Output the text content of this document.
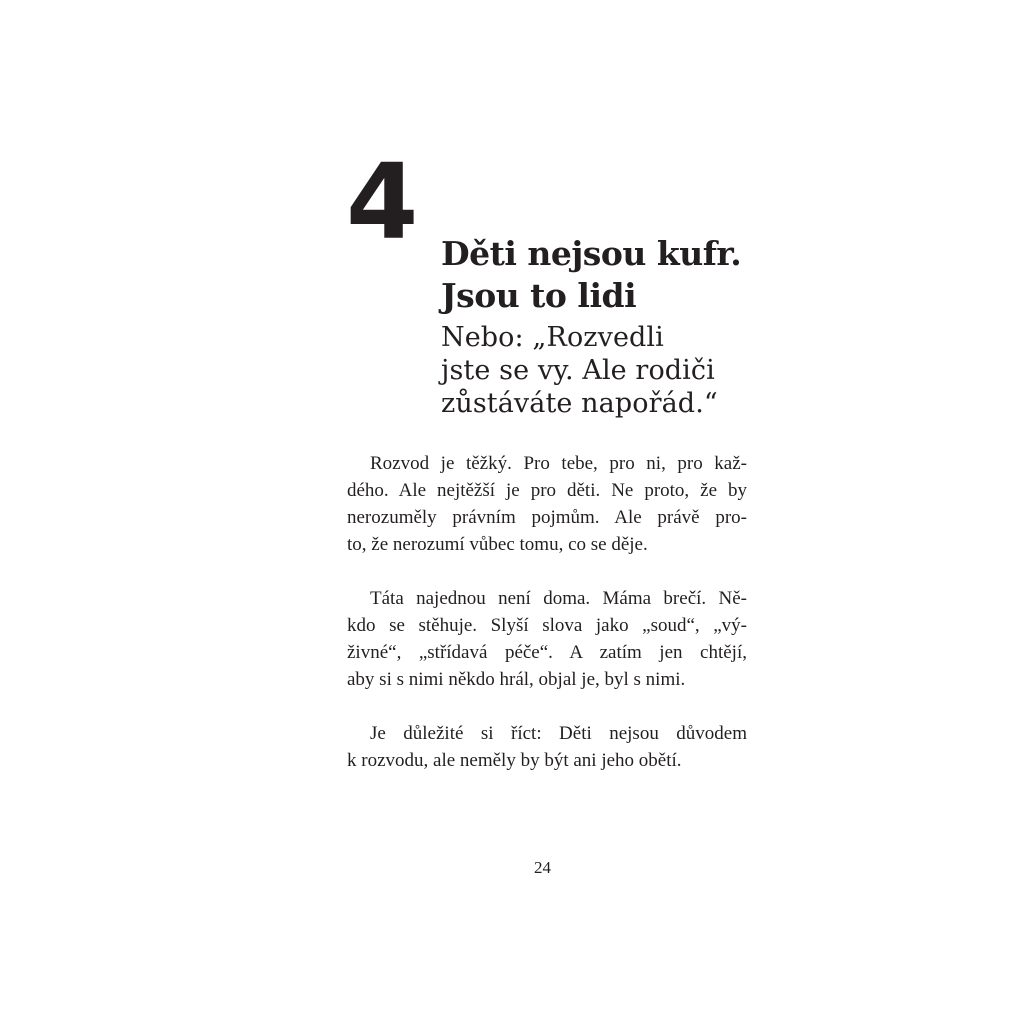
4 Děti nejsou kufr.
Jsou to lidi
Nebo: „Rozvedli
jste se vy. Ale rodiči
zůstáváte napořád.“
Rozvod je těžký. Pro tebe, pro ni, pro kaž-
dého. Ale nejtěžší je pro děti. Ne proto, že by
nerozuměly právním pojmům. Ale právě pro-
to, že nerozumí vůbec tomu, co se děje.
Táta najednou není doma. Máma brečí. Ně-
kdo se stěhuje. Slyší slova jako „soud“, „vý-
živné“, „střídavá péče“. A zatím jen chtějí,
aby si s nimi někdo hrál, objal je, byl s nimi.
Je důležité si říct: Děti nejsou důvodem
k rozvodu, ale neměly by být ani jeho obětí.
24
